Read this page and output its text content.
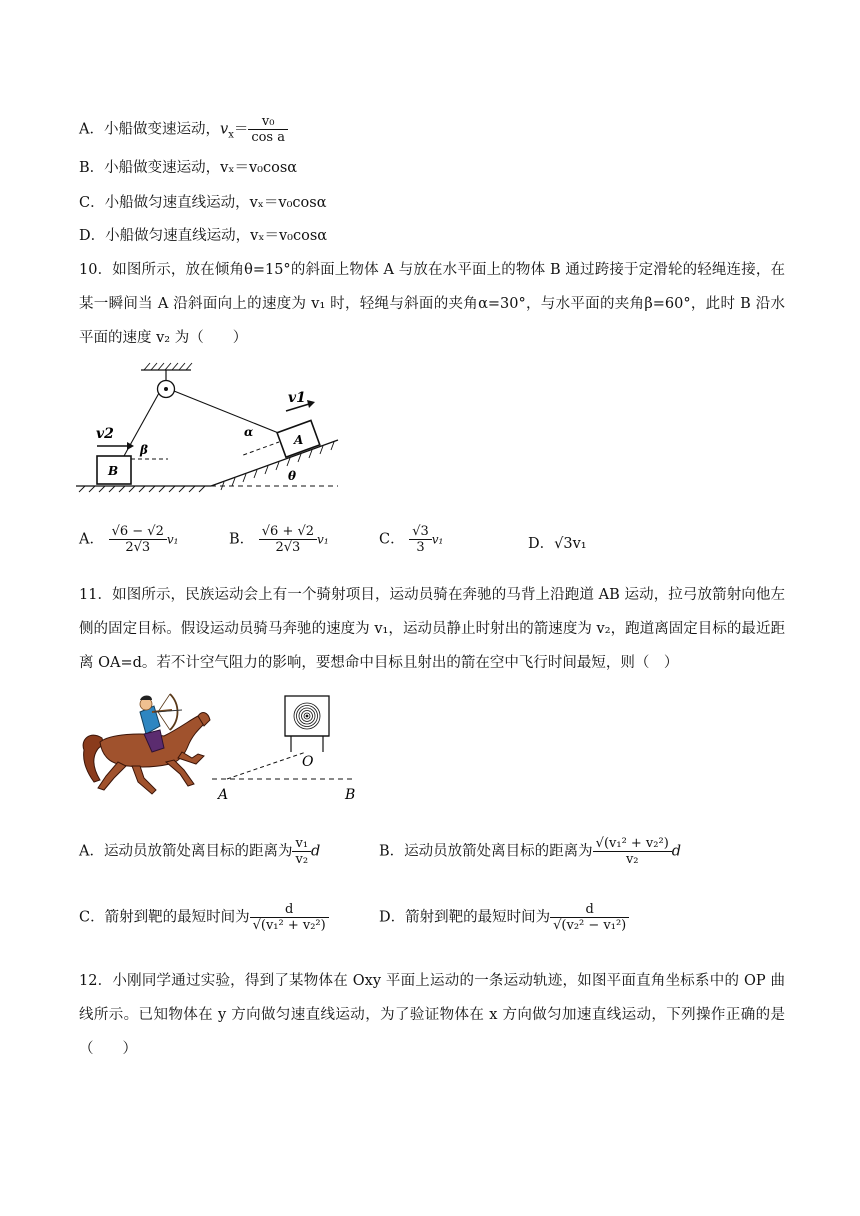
A．小船做变速运动，$v_x= \frac{\text{v₀}}{\text{cos a}}$
B．小船做变速运动，vₓ＝v₀cosα
C．小船做匀速直线运动，vₓ＝v₀cosα
D．小船做匀速直线运动，vₓ＝v₀cosα
10．如图所示，放在倾角θ=15°的斜面上物体 A 与放在水平面上的物体 B 通过跨接于定滑轮的轻绳连接，在某一瞬间当 A 沿斜面向上的速度为 v₁ 时，轻绳与斜面的夹角α=30°，与水平面的夹角β=60°，此时 B 沿水平面的速度 v₂ 为（　　）
B
β
v2	A
α
θ
v1
A． $\frac{√6 - √2}{2√3} v_1$	B． $\frac{√6 + √2}{2√3} v_1$	C． $\frac{√3}{3} v_1$	D．√3v₁
11．如图所示，民族运动会上有一个骑射项目，运动员骑在奔驰的马背上沿跑道 AB 运动，拉弓放箭射向他左侧的固定目标。假设运动员骑马奔驰的速度为 v₁，运动员静止时射出的箭速度为 v₂，跑道离固定目标的最近距离 OA=d。若不计空气阻力的影响，要想命中目标且射出的箭在空中飞行时间最短，则（　）
O
A	B
A．运动员放箭处离目标的距离为 $\frac{\text{v₁}}{\text{v₂}}$ d	B．运动员放箭处离目标的距离为 $\frac{\text{√(v₁² + v₂²)}}{\text{v₂}}$ d
C．箭射到靶的最短时间为 $\frac{d}{\text{√(v₁² + v₂²)}}$	D．箭射到靶的最短时间为 $\frac{d}{\text{√(v₂² − v₁²)}}$
12．小刚同学通过实验，得到了某物体在 Oxy 平面上运动的一条运动轨迹，如图平面直角坐标系中的 OP 曲线所示。已知物体在 y 方向做匀速直线运动，为了验证物体在 x 方向做匀加速直线运动，下列操作正确的是（　　）
